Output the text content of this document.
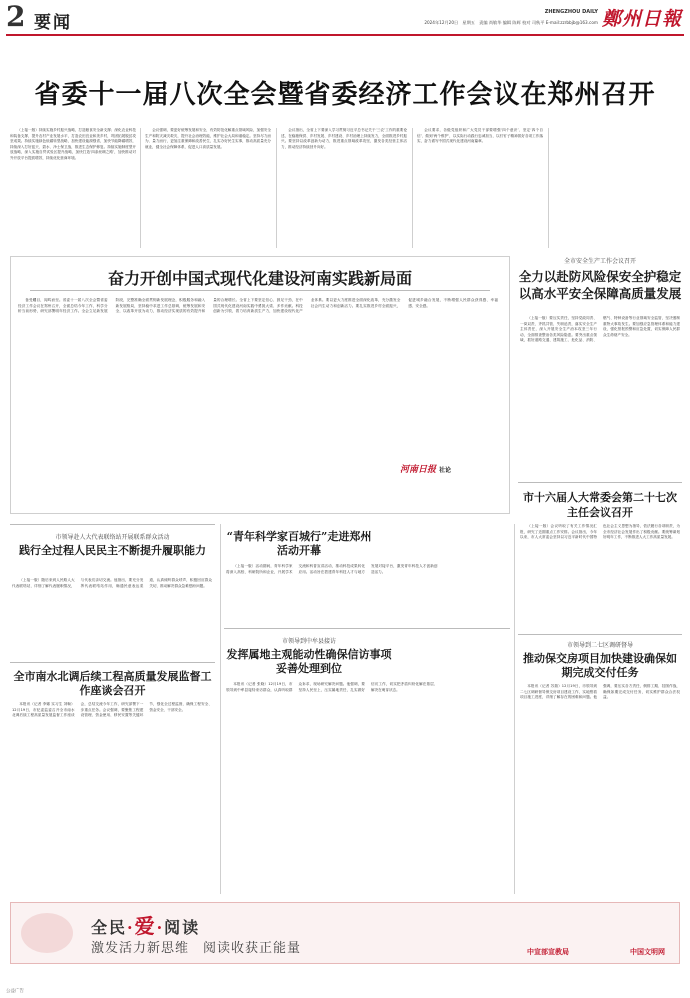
2 要闻
ZHENGZHOU DAILY 鄭州日報
2024年12月20日　星期五　责编 尚敏华 编辑 陈辉 校对 司秋平 E-mail:zzrbbjb@163.com
省委十一届八次全会暨省委经济工作会议在郑州召开

（上接一版）持续实施乡村振兴战略，打造粮食安全新支撑；深化农业科技和装备支撑，提升农村产业发展水平，打造农田宜业和美乡村，巩固拓展脱贫攻坚成果。持续实施绿色低碳转型战略，加快建设能源强省，加快节能降碳增效，持续深入打好蓝天、碧水、净土保卫战，推进生态保护修复。持续实施制度型开放战略，深入实施自贸试验区提升战略，加快打造‘四条丝绸之路’，加快推动对外开放平台提质增效，持续优化营商环境。

会议强调，要更好统筹发展和安全，有效防范化解重点领域风险，加强安全生产和防灾减灾救灾，提升社会治理效能，维护社会大局和谐稳定。坚持尽力而为、量力而行，更加注重保障和改善民生，扎实办好民生实事，推动高质量充分就业，健全社会保障体系，促进人口高质量发展。

会议指出，全省上下要深入学习贯彻习近平总书记关于‘三农’工作的重要论述，在稳粮保供、乡村发展、乡村建设、乡村治理上持续发力，全面推进乡村振兴。要坚持以改革创新为动力，推进重点领域改革攻坚，激发各类经营主体活力，推动经济持续回升向好。

会议要求，各级党组织和广大党员干部要增强‘四个意识’、坚定‘四个自信’、做到‘两个维护’，以实际行动践行忠诚担当，以钉钉子精神抓好各项工作落实，奋力谱写中国式现代化建设河南篇章。

奋力开创中国式现代化建设河南实践新局面

备受瞩目，闻鸣而至。省委十一届八次全会暨省委经济工作会议在郑州召开，全面总结今年工作，科学分析当前形势，研究部署明年经济工作。全会立足新发展阶段，完整准确全面贯彻新发展理念，积极服务和融入新发展格局，坚持稳中求进工作总基调，统筹发展和安全，以改革开放为动力，推动经济实现质的有效提升和量的合理增长。全省上下要坚定信心、鼓足干劲，在中国式现代化建设河南实践中勇挑大梁、多作贡献。科技创新为引领，着力培育新质生产力，加快建设现代化产业体系。要以更大力度推进全面深化改革，充分激发全社会内生动力和创新活力。要扎实推进乡村全面振兴，促进城乡融合发展，不断增强人民群众获得感、幸福感、安全感。

河南日报 社论
全市安全生产工作会议召开
全力以赴防风险保安全护稳定以高水平安全保障高质量发展

（上接一版）要压实责任，坚持党政同责、一岗双责、齐抓共管、失职追责，落实安全生产主体责任，深入开展安全生产治本攻坚三年行动，全面排查整治各类风险隐患。要突出重点领域，抓好道路交通、建筑施工、危化品、消防、燃气、特种设备等行业领域安全监管，坚决遏制重特大事故发生。要加强应急管理体系和能力建设，强化预报预警和应急处置，切实保障人民群众生命财产安全。

市十六届人大常委会第二十七次主任会议召开

（上接一版）会议听取了有关工作情况汇报，研究了近期重点工作安排。会议指出，今年以来，市人大常委会坚持以习近平新时代中国特色社会主义思想为指导，依法履行各项职责，为全市经济社会发展作出了积极贡献。要统筹谋划好明年工作，不断推进人大工作高质量发展。

市领导赴人大代表联络站开展联系群众活动
践行全过程人民民主不断提升履职能力

（上接一版）随后来到人民路人大代表联络站，详细了解代表履职情况，与代表们亲切交流。他指出，要充分发挥代表联络站作用，畅通民意表达渠道，认真倾听群众呼声，积极回应群众关切，推动解决群众急难愁盼问题。

全市南水北调后续工程高质量发展监督工作座谈会召开

本报讯（记者 李娜 实习生 刘畅）12月19日，市纪委监委召开全市南水北调后续工程高质量发展监督工作座谈会，总结交流今年工作，研究部署下一步重点任务。会议强调，要聚焦工程建设管理、资金使用、移民安置等关键环节，强化全过程监督，确保工程安全、资金安全、干部安全。

“青年科学家百城行”走进郑州活动开幕

（上接一版）活动期间，青年科学家将深入高校、科研院所和企业，开展学术交流和科普宣讲活动，推动科技成果转化应用。活动旨在搭建青年科技人才与地方发展对接平台，激发青年科技人才创新创造活力。

市领导到中牟县接访
发挥属地主观能动性确保信访事项妥善处理到位

本报讯（记者 张晓）12月19日，市领导到中牟县接待来访群众，认真听取群众诉求，现场研究解决问题。他强调，要坚持人民至上，压实属地责任，扎实做好信访工作，切实把矛盾纠纷化解在基层、解决在萌芽状态。

市领导到二七区调研督导
推动保交房项目加快建设确保如期完成交付任务

本报讯（记者 苏瑞）12月19日，市领导到二七区调研督导保交房项目建设工作，实地察看项目施工进度，详细了解存在的困难和问题。他强调，要压实各方责任，倒排工期、挂图作战，确保如期完成交付任务，切实维护群众合法权益。

全民·爱·阅读
激发活力新思维　阅读收获正能量	中宣部宣教局	中国文明网
公益广告
